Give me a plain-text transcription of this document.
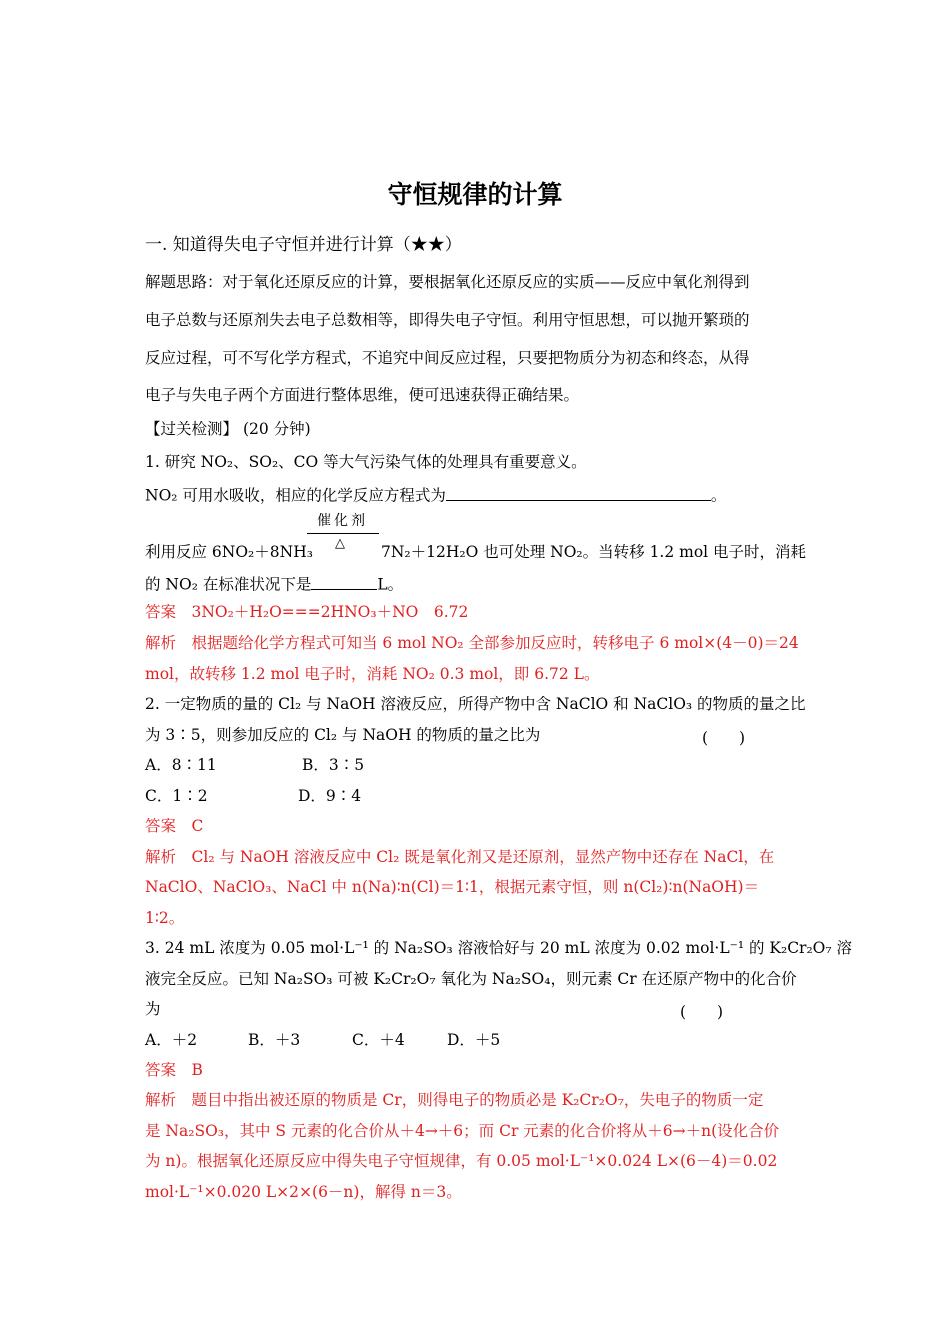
守恒规律的计算
一. 知道得失电子守恒并进行计算（★★）
解题思路：对于氧化还原反应的计算，要根据氧化还原反应的实质——反应中氧化剂得到
电子总数与还原剂失去电子总数相等，即得失电子守恒。利用守恒思想，可以抛开繁琐的
反应过程，可不写化学方程式，不追究中间反应过程，只要把物质分为初态和终态，从得
电子与失电子两个方面进行整体思维，便可迅速获得正确结果。
【过关检测】 (20 分钟)
1. 研究 NO₂、SO₂、CO 等大气污染气体的处理具有重要意义。
NO₂ 可用水吸收，相应的化学反应方程式为	。
催化剂
△
利用反应 6NO₂＋8NH₃	7N₂＋12H₂O 也可处理 NO₂。当转移 1.2 mol 电子时，消耗
的 NO₂ 在标准状况下是	L。
答案　3NO₂＋H₂O===2HNO₃＋NO　6.72
解析　根据题给化学方程式可知当 6 mol NO₂ 全部参加反应时，转移电子 6 mol×(4－0)＝24
mol，故转移 1.2 mol 电子时，消耗 NO₂ 0.3 mol，即 6.72 L。
2. 一定物质的量的 Cl₂ 与 NaOH 溶液反应，所得产物中含 NaClO 和 NaClO₃ 的物质的量之比
为 3∶5，则参加反应的 Cl₂ 与 NaOH 的物质的量之比为	(　　)
A．8∶11	B．3∶5
C．1∶2	D．9∶4
答案　C
解析　Cl₂ 与 NaOH 溶液反应中 Cl₂ 既是氧化剂又是还原剂，显然产物中还存在 NaCl，在
NaClO、NaClO₃、NaCl 中 n(Na)∶n(Cl)＝1∶1，根据元素守恒，则 n(Cl₂)∶n(NaOH)＝
1∶2。
3. 24 mL 浓度为 0.05 mol·L⁻¹ 的 Na₂SO₃ 溶液恰好与 20 mL 浓度为 0.02 mol·L⁻¹ 的 K₂Cr₂O₇ 溶
液完全反应。已知 Na₂SO₃ 可被 K₂Cr₂O₇ 氧化为 Na₂SO₄，则元素 Cr 在还原产物中的化合价
为	(　　)
A．＋2	B．＋3	C．＋4	D．＋5
答案　B
解析　题目中指出被还原的物质是 Cr，则得电子的物质必是 K₂Cr₂O₇，失电子的物质一定
是 Na₂SO₃，其中 S 元素的化合价从＋4→＋6；而 Cr 元素的化合价将从＋6→＋n(设化合价
为 n)。根据氧化还原反应中得失电子守恒规律，有 0.05 mol·L⁻¹×0.024 L×(6－4)＝0.02
mol·L⁻¹×0.020 L×2×(6－n)，解得 n＝3。
